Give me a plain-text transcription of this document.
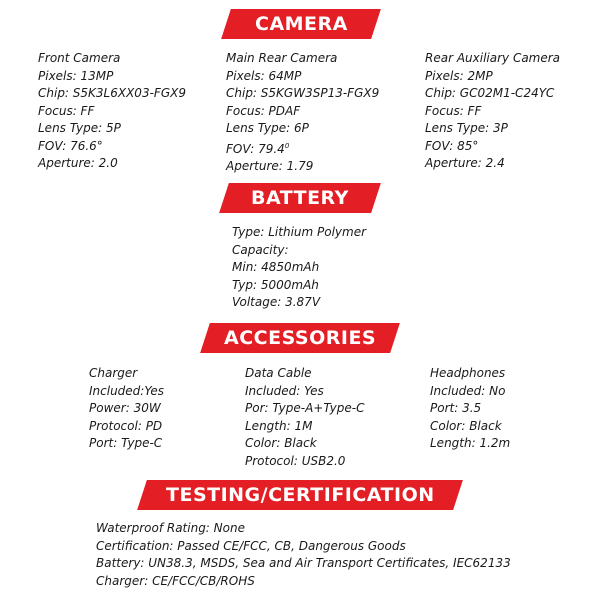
CAMERA
Front Camera
Pixels: 13MP
Chip: S5K3L6XX03-FGX9
Focus: FF
Lens Type: 5P
FOV: 76.6°
Aperture: 2.0
Main Rear Camera
Pixels: 64MP
Chip: S5KGW3SP13-FGX9
Focus: PDAF
Lens Type: 6P
FOV: 79.4$^0$
Aperture: 1.79
Rear Auxiliary Camera
Pixels: 2MP
Chip: GC02M1-C24YC
Focus: FF
Lens Type: 3P
FOV: 85°
Aperture: 2.4
BATTERY
Type: Lithium Polymer
Capacity:
Min: 4850mAh
Typ: 5000mAh
Voltage: 3.87V
ACCESSORIES
Charger
Included:Yes
Power: 30W
Protocol: PD
Port: Type-C
Data Cable
Included: Yes
Por: Type-A+Type-C
Length: 1M
Color: Black
Protocol: USB2.0
Headphones
Included: No
Port: 3.5
Color: Black
Length: 1.2m
TESTING/CERTIFICATION
Waterproof Rating: None
Certification: Passed CE/FCC, CB, Dangerous Goods
Battery: UN38.3, MSDS, Sea and Air Transport Certificates, IEC62133
Charger: CE/FCC/CB/ROHS
